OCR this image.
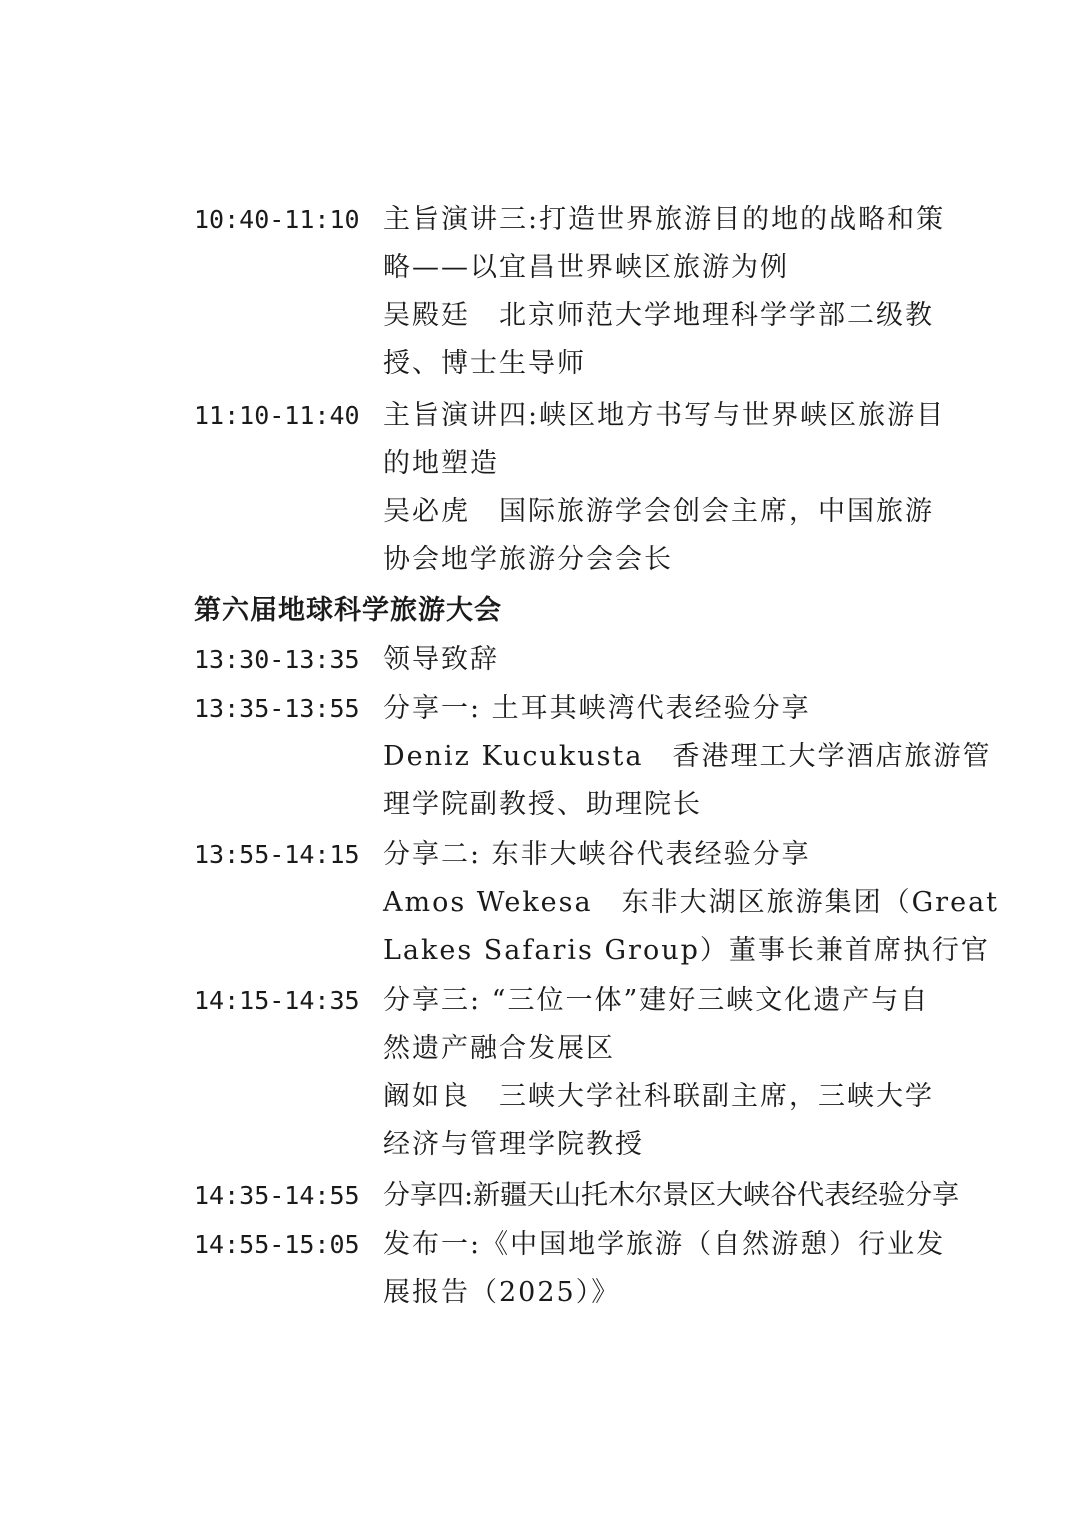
10:40-11:10 主旨演讲三:打造世界旅游目的地的战略和策
略——以宜昌世界峡区旅游为例
吴殿廷　北京师范大学地理科学学部二级教
授、博士生导师
11:10-11:40 主旨演讲四:峡区地方书写与世界峡区旅游目
的地塑造
吴必虎　国际旅游学会创会主席，中国旅游
协会地学旅游分会会长
第六届地球科学旅游大会
13:30-13:35 领导致辞
13:35-13:55 分享一: 土耳其峡湾代表经验分享
Deniz Kucukusta　香港理工大学酒店旅游管
理学院副教授、助理院长
13:55-14:15 分享二: 东非大峡谷代表经验分享
Amos Wekesa　东非大湖区旅游集团（Great
Lakes Safaris Group）董事长兼首席执行官
14:15-14:35 分享三: “三位一体”建好三峡文化遗产与自
然遗产融合发展区
阚如良　三峡大学社科联副主席，三峡大学
经济与管理学院教授
14:35-14:55 分享四:新疆天山托木尔景区大峡谷代表经验分享
14:55-15:05 发布一:《中国地学旅游（自然游憩）行业发
展报告（2025）》
